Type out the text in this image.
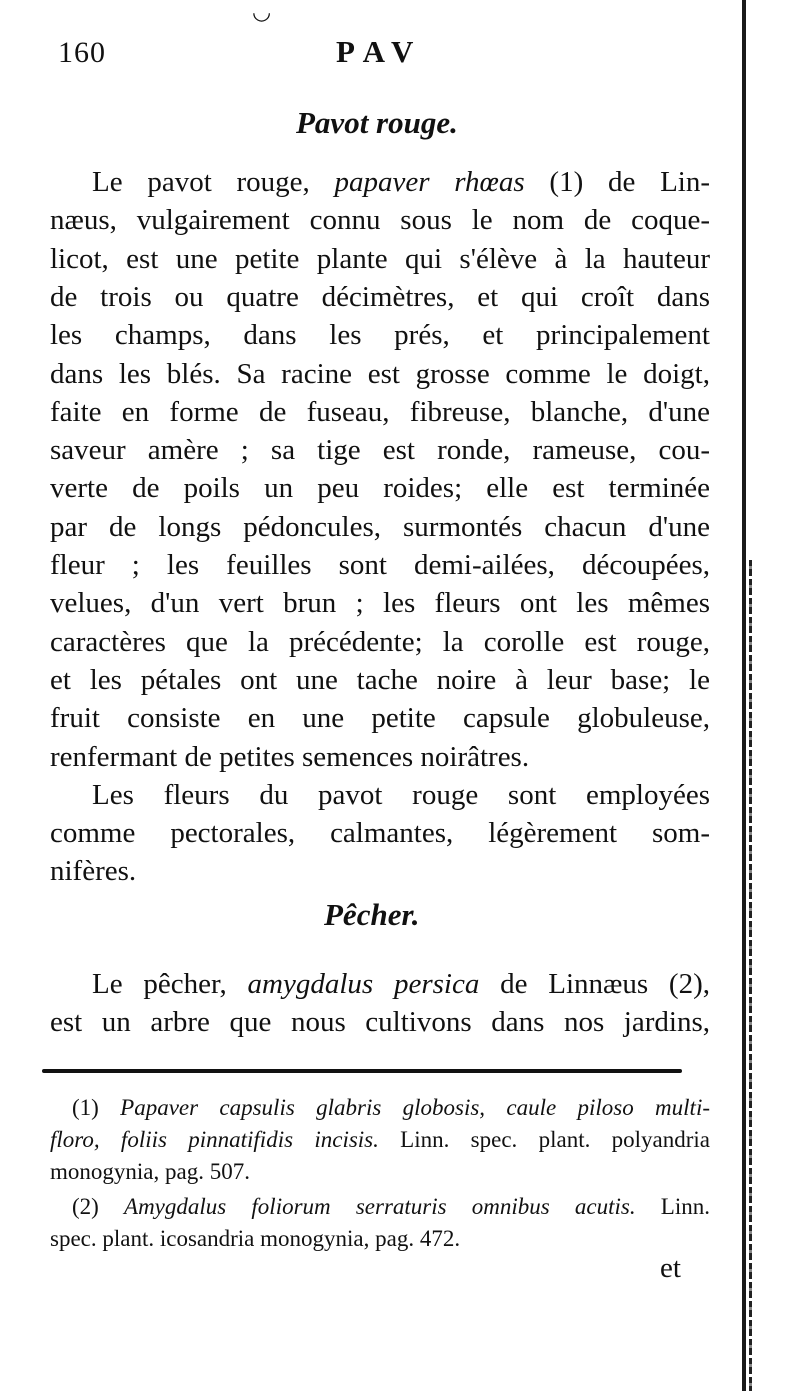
◡
160	PAV
Pavot rouge.
Le pavot rouge, papaver rhœas (1) de Lin-
næus, vulgairement connu sous le nom de coque-
licot, est une petite plante qui s'élève à la hauteur
de trois ou quatre décimètres, et qui croît dans
les champs, dans les prés, et principalement
dans les blés. Sa racine est grosse comme le doigt,
faite en forme de fuseau, fibreuse, blanche, d'une
saveur amère ; sa tige est ronde, rameuse, cou-
verte de poils un peu roides; elle est terminée
par de longs pédoncules, surmontés chacun d'une
fleur ; les feuilles sont demi-ailées, découpées,
velues, d'un vert brun ; les fleurs ont les mêmes
caractères que la précédente; la corolle est rouge,
et les pétales ont une tache noire à leur base; le
fruit consiste en une petite capsule globuleuse,
renfermant de petites semences noirâtres.
Les fleurs du pavot rouge sont employées
comme pectorales, calmantes, légèrement som-
nifères.
Pêcher.
Le pêcher, amygdalus persica de Linnæus (2),
est un arbre que nous cultivons dans nos jardins,
(1) Papaver capsulis glabris globosis, caule piloso multi-
floro, foliis pinnatifidis incisis. Linn. spec. plant. polyandria
monogynia, pag. 507.
(2) Amygdalus foliorum serraturis omnibus acutis. Linn.
spec. plant. icosandria monogynia, pag. 472.
et
